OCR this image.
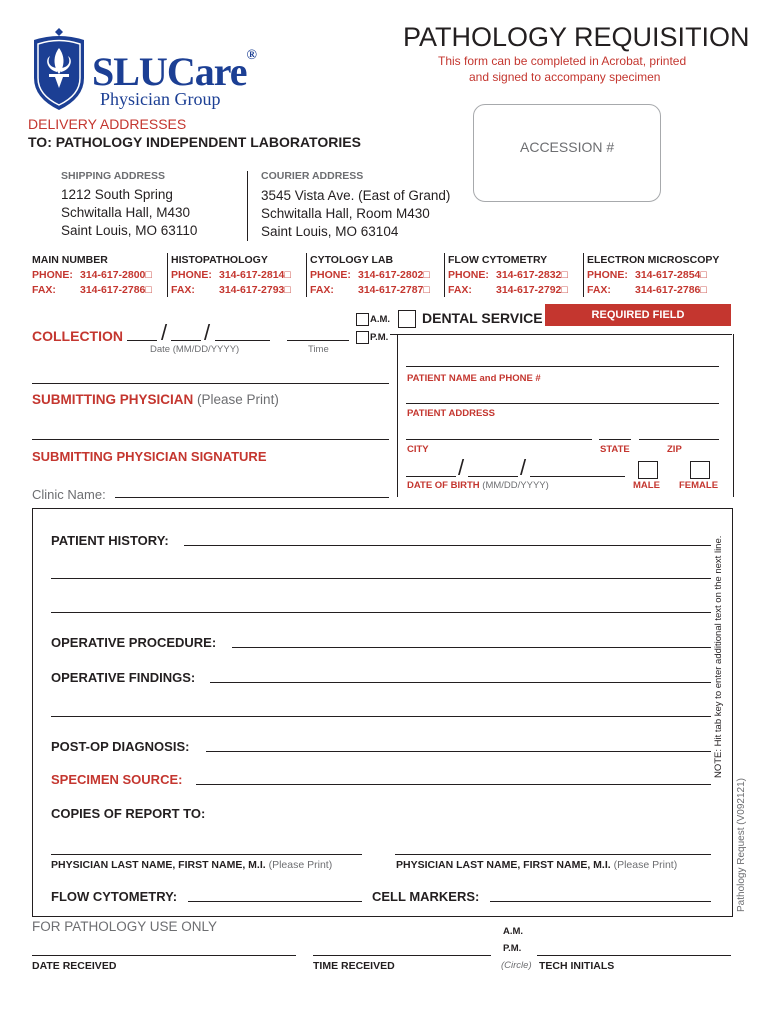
SLUCare®
Physician Group
PATHOLOGY REQUISITION
This form can be completed in Acrobat, printed
and signed to accompany specimen
DELIVERY ADDRESSES
TO: PATHOLOGY INDEPENDENT LABORATORIES	ACCESSION #
SHIPPING ADDRESS
1212 South Spring
Schwitalla Hall, M430
Saint Louis, MO 63110
COURIER ADDRESS
3545 Vista Ave. (East of Grand)
Schwitalla Hall, Room M430
Saint Louis, MO 63104
MAIN NUMBER
PHONE: 314-617-2800□
FAX: 314-617-2786□
HISTOPATHOLOGY
PHONE: 314-617-2814□
FAX: 314-617-2793□
CYTOLOGY LAB
PHONE: 314-617-2802□
FAX: 314-617-2787□
FLOW CYTOMETRY
PHONE: 314-617-2832□
FAX: 314-617-2792□
ELECTRON MICROSCOPY
PHONE: 314-617-2854□
FAX: 314-617-2786□
COLLECTION / /
Date (MM/DD/YYYY)	Time
A.M.
P.M.
DENTAL SERVICE	REQUIRED FIELD
SUBMITTING PHYSICIAN (Please Print)
SUBMITTING PHYSICIAN SIGNATURE
Clinic Name:
PATIENT NAME and PHONE #
PATIENT ADDRESS
CITY	STATE	ZIP
/	/
DATE OF BIRTH (MM/DD/YYYY)	MALE FEMALE
PATIENT HISTORY:
OPERATIVE PROCEDURE:
OPERATIVE FINDINGS:
POST-OP DIAGNOSIS:
SPECIMEN SOURCE:
COPIES OF REPORT TO:
PHYSICIAN LAST NAME, FIRST NAME, M.I. (Please Print)	PHYSICIAN LAST NAME, FIRST NAME, M.I. (Please Print)
FLOW CYTOMETRY:	CELL MARKERS:
NOTE: Hit tab key to enter additional text on the next line.
Pathology Request (V092121)
FOR PATHOLOGY USE ONLY
DATE RECEIVED	TIME RECEIVED
A.M.
P.M.
(Circle) TECH INITIALS
